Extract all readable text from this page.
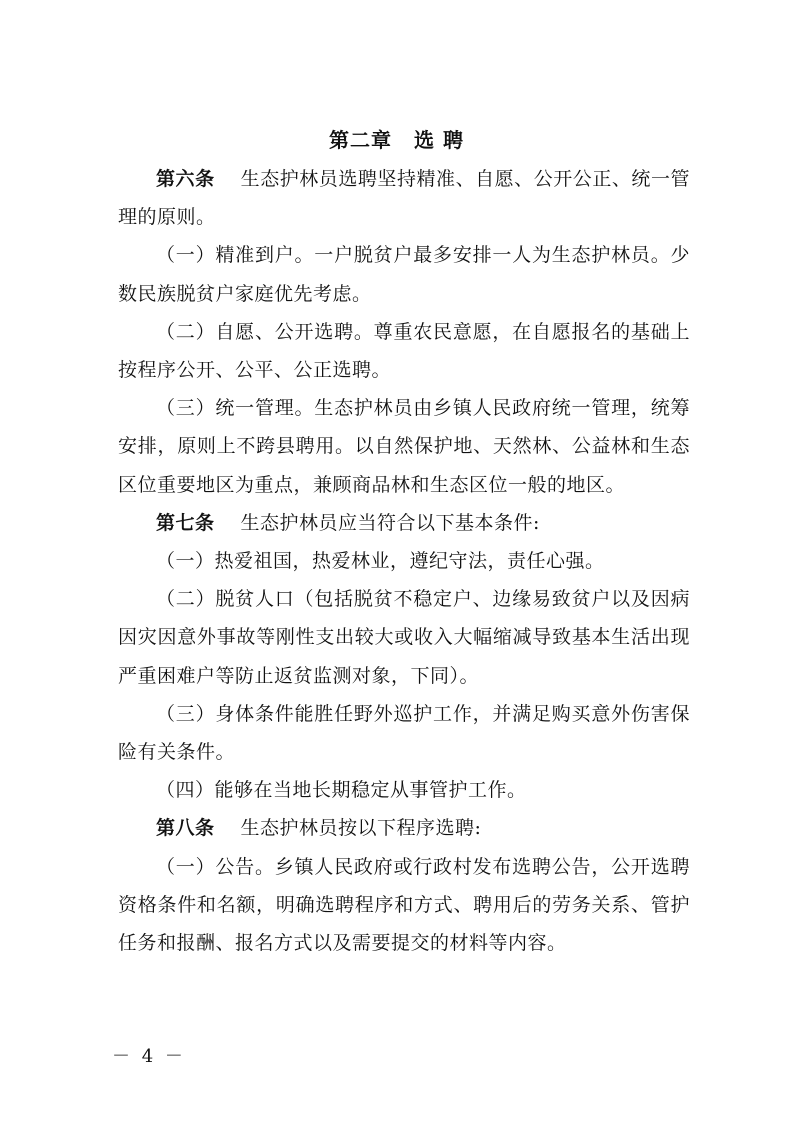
第二章 选 聘

第六条 生态护林员选聘坚持精准、自愿、公开公正、统一管理的原则。

（一）精准到户。一户脱贫户最多安排一人为生态护林员。少数民族脱贫户家庭优先考虑。

（二）自愿、公开选聘。尊重农民意愿，在自愿报名的基础上按程序公开、公平、公正选聘。

（三）统一管理。生态护林员由乡镇人民政府统一管理，统筹安排，原则上不跨县聘用。以自然保护地、天然林、公益林和生态区位重要地区为重点，兼顾商品林和生态区位一般的地区。

第七条 生态护林员应当符合以下基本条件:

（一）热爱祖国，热爱林业，遵纪守法，责任心强。

（二）脱贫人口（包括脱贫不稳定户、边缘易致贫户以及因病因灾因意外事故等刚性支出较大或收入大幅缩减导致基本生活出现严重困难户等防止返贫监测对象，下同）。

（三）身体条件能胜任野外巡护工作，并满足购买意外伤害保险有关条件。

（四）能够在当地长期稳定从事管护工作。

第八条 生态护林员按以下程序选聘:

（一）公告。乡镇人民政府或行政村发布选聘公告，公开选聘资格条件和名额，明确选聘程序和方式、聘用后的劳务关系、管护任务和报酬、报名方式以及需要提交的材料等内容。

－ 4 －
